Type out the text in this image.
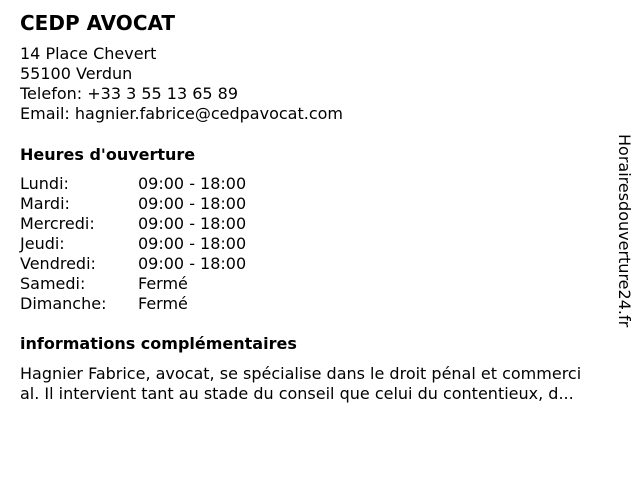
CEDP AVOCAT
14 Place Chevert
55100 Verdun
Telefon: +33 3 55 13 65 89
Email: hagnier.fabrice@cedpavocat.com
Heures d'ouverture
Lundi:	09:00 - 18:00
Mardi:	09:00 - 18:00
Mercredi:	09:00 - 18:00
Jeudi:	09:00 - 18:00
Vendredi:	09:00 - 18:00
Samedi:	Fermé
Dimanche:	Fermé
informations complémentaires
Hagnier Fabrice, avocat, se spécialise dans le droit pénal et commerci
al. Il intervient tant au stade du conseil que celui du contentieux, d...
Horairesdouverture24.fr
